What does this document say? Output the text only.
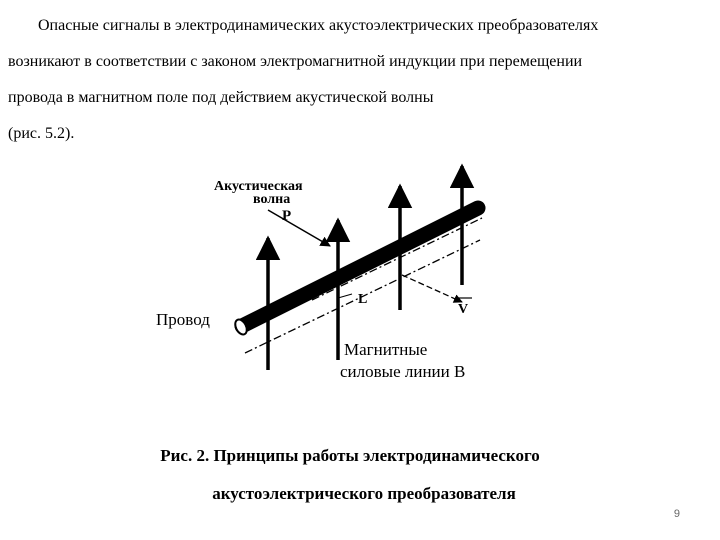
Опасные сигналы в электродинамических акустоэлектрических преобразователях
возникают в соответствии с законом электромагнитной индукции при перемещении
провода в магнитном поле под действием акустической волны
(рис. 5.2).
Акустическая
волна
P
L
V
Провод
Магнитные
силовые линии B
Рис. 2. Принципы работы электродинамического
акустоэлектрического преобразователя
9
